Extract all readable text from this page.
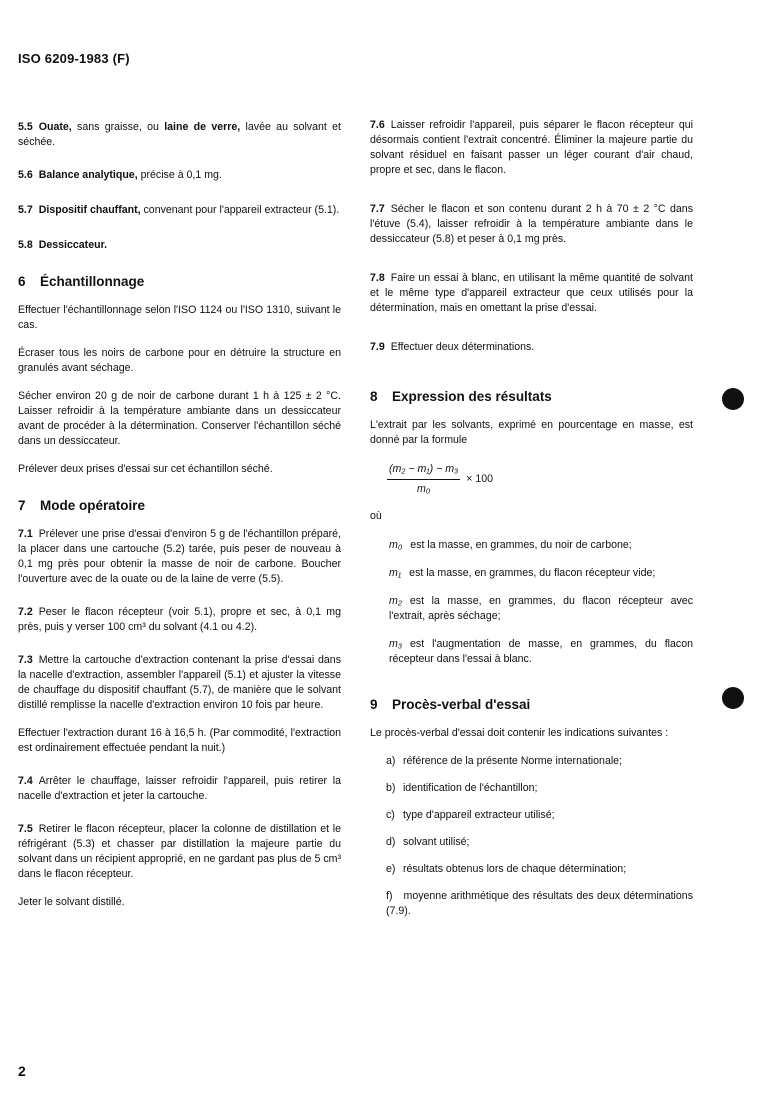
ISO 6209-1983 (F)

5.5 Ouate, sans graisse, ou laine de verre, lavée au solvant et séchée.

5.6 Balance analytique, précise à 0,1 mg.

5.7 Dispositif chauffant, convenant pour l'appareil extracteur (5.1).

5.8 Dessiccateur.

6 Échantillonnage

Effectuer l'échantillonnage selon l'ISO 1124 ou l'ISO 1310, suivant le cas.

Écraser tous les noirs de carbone pour en détruire la structure en granulés avant séchage.

Sécher environ 20 g de noir de carbone durant 1 h à 125 ± 2 °C. Laisser refroidir à la température ambiante dans un dessiccateur avant de procéder à la détermination. Conserver l'échantillon séché dans un dessiccateur.

Prélever deux prises d'essai sur cet échantillon séché.

7 Mode opératoire

7.1 Prélever une prise d'essai d'environ 5 g de l'échantillon préparé, la placer dans une cartouche (5.2) tarée, puis peser de nouveau à 0,1 mg près pour obtenir la masse de noir de carbone. Boucher l'ouverture avec de la ouate ou de la laine de verre (5.5).

7.2 Peser le flacon récepteur (voir 5.1), propre et sec, à 0,1 mg près, puis y verser 100 cm³ du solvant (4.1 ou 4.2).

7.3 Mettre la cartouche d'extraction contenant la prise d'essai dans la nacelle d'extraction, assembler l'appareil (5.1) et ajuster la vitesse de chauffage du dispositif chauffant (5.7), de manière que le solvant distillé remplisse la nacelle d'extraction environ 10 fois par heure.

Effectuer l'extraction durant 16 à 16,5 h. (Par commodité, l'extraction est ordinairement effectuée pendant la nuit.)

7.4 Arrêter le chauffage, laisser refroidir l'appareil, puis retirer la nacelle d'extraction et jeter la cartouche.

7.5 Retirer le flacon récepteur, placer la colonne de distillation et le réfrigérant (5.3) et chasser par distillation la majeure partie du solvant dans un récipient approprié, en ne gardant pas plus de 5 cm³ dans le flacon récepteur.

Jeter le solvant distillé.

7.6 Laisser refroidir l'appareil, puis séparer le flacon récepteur qui désormais contient l'extrait concentré. Éliminer la majeure partie du solvant résiduel en faisant passer un léger courant d'air chaud, propre et sec, dans le flacon.

7.7 Sécher le flacon et son contenu durant 2 h à 70 ± 2 °C dans l'étuve (5.4), laisser refroidir à la température ambiante dans le dessiccateur (5.8) et peser à 0,1 mg près.

7.8 Faire un essai à blanc, en utilisant la même quantité de solvant et le même type d'appareil extracteur que ceux utilisés pour la détermination, mais en omettant la prise d'essai.

7.9 Effectuer deux déterminations.

8 Expression des résultats

L'extrait par les solvants, exprimé en pourcentage en masse, est donné par la formule

$\frac{\text{(m₂ − m₁) − m₃}}{\text{m₀}} \times 100$

où

m₀ est la masse, en grammes, du noir de carbone;

m₁ est la masse, en grammes, du flacon récepteur vide;

m₂ est la masse, en grammes, du flacon récepteur avec l'extrait, après séchage;

m₃ est l'augmentation de masse, en grammes, du flacon récepteur dans l'essai à blanc.

9 Procès-verbal d'essai

Le procès-verbal d'essai doit contenir les indications suivantes :

a) référence de la présente Norme internationale;

b) identification de l'échantillon;

c) type d'appareil extracteur utilisé;

d) solvant utilisé;

e) résultats obtenus lors de chaque détermination;

f) moyenne arithmétique des résultats des deux déterminations (7.9).

2
